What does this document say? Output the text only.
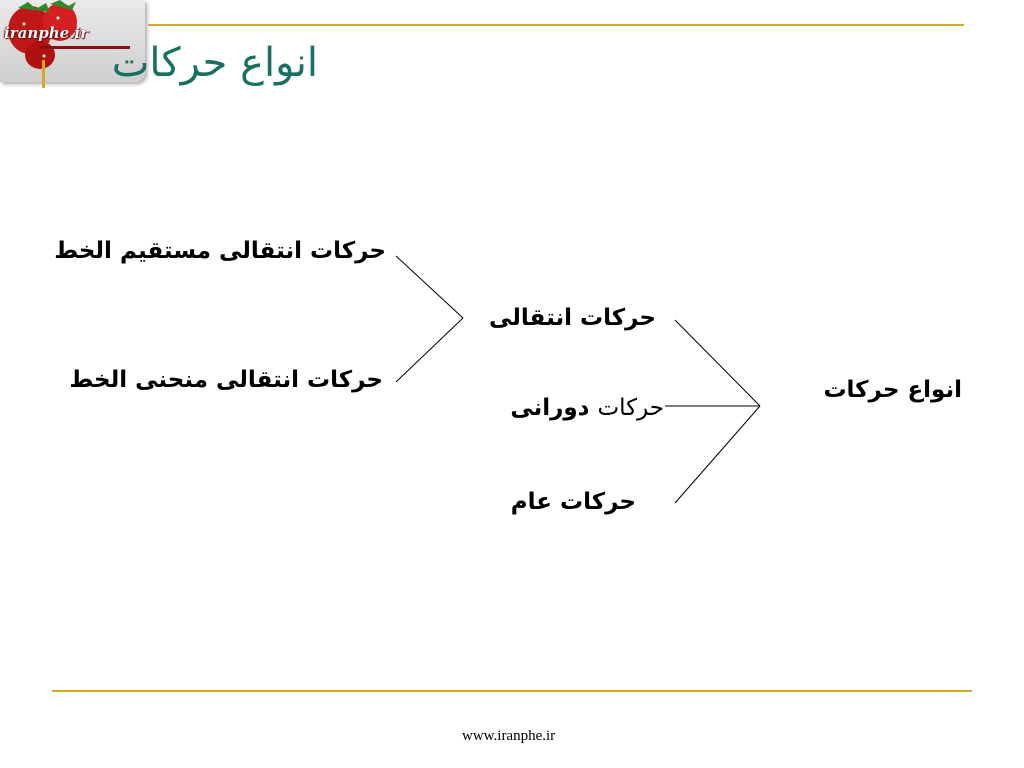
iranphe.ir
انواع حرکات
حرکات انتقالی مستقیم الخط
حرکات انتقالی منحنی الخط
حرکات انتقالی
حرکات دورانی
حرکات عام
انواع حرکات
www.iranphe.ir
